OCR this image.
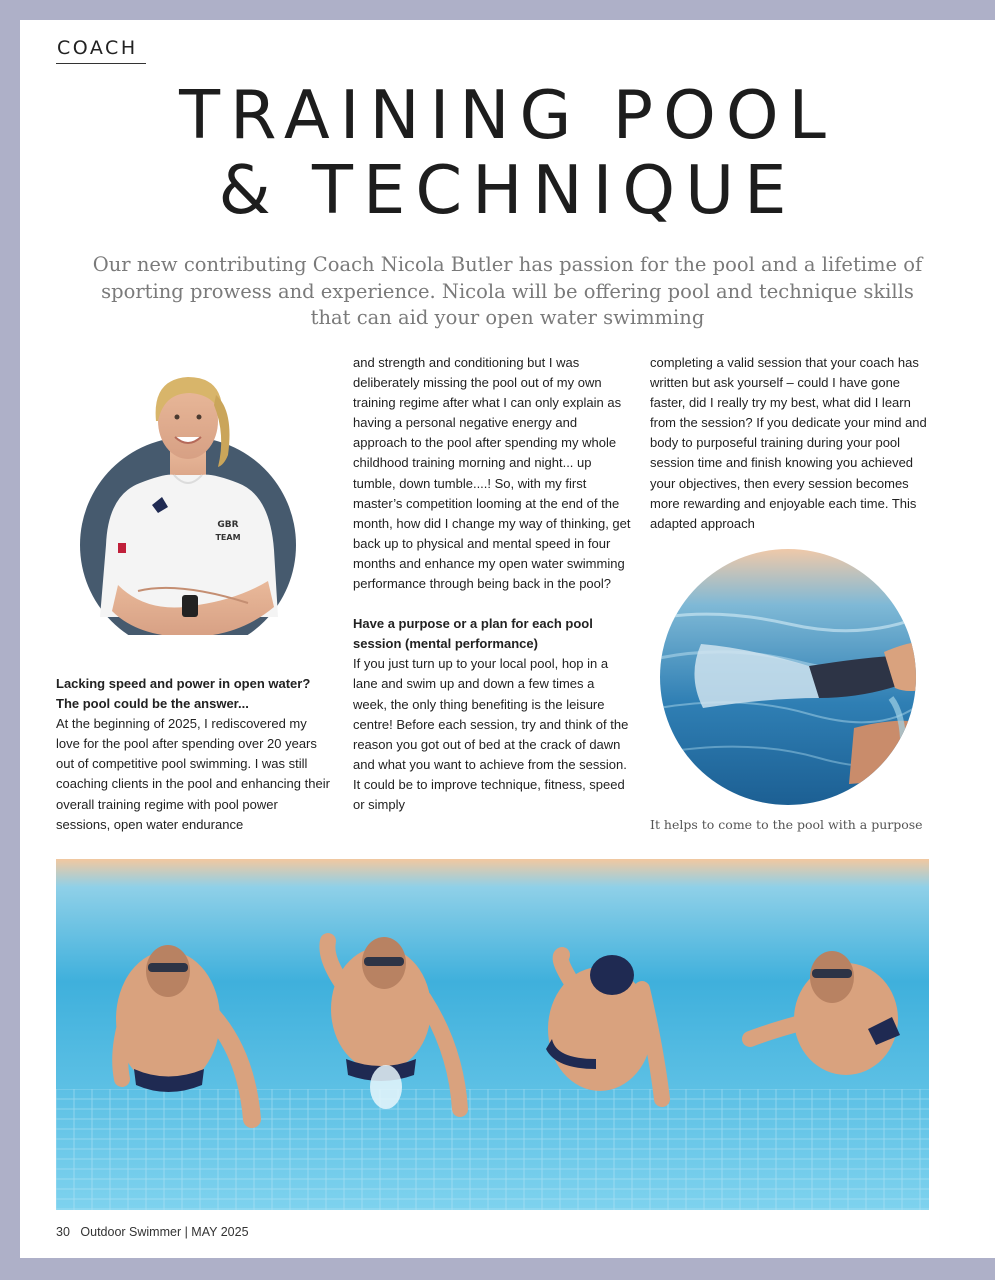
COACH
TRAINING POOL
& TECHNIQUE

Our new contributing Coach Nicola Butler has passion for the pool and a lifetime of sporting prowess and experience. Nicola will be offering pool and technique skills that can aid your open water swimming

GBR
TEAM

Lacking speed and power in open water?

The pool could be the answer...

At the beginning of 2025, I rediscovered my love for the pool after spending over 20 years out of competitive pool swimming. I was still coaching clients in the pool and enhancing their overall training regime with pool power sessions, open water endurance

and strength and conditioning but I was deliberately missing the pool out of my own training regime after what I can only explain as having a personal negative energy and approach to the pool after spending my whole childhood training morning and night... up tumble, down tumble....! So, with my first master’s competition looming at the end of the month, how did I change my way of thinking, get back up to physical and mental speed in four months and enhance my open water swimming performance through being back in the pool?

Have a purpose or a plan for each pool session (mental performance)

If you just turn up to your local pool, hop in a lane and swim up and down a few times a week, the only thing benefiting is the leisure centre! Before each session, try and think of the reason you got out of bed at the crack of dawn and what you want to achieve from the session. It could be to improve technique, fitness, speed or simply

completing a valid session that your coach has written but ask yourself – could I have gone faster, did I really try my best, what did I learn from the session? If you dedicate your mind and body to purposeful training during your pool session time and finish knowing you achieved your objectives, then every session becomes more rewarding and enjoyable each time. This adapted approach

It helps to come to the pool with a purpose
30 Outdoor Swimmer | MAY 2025
